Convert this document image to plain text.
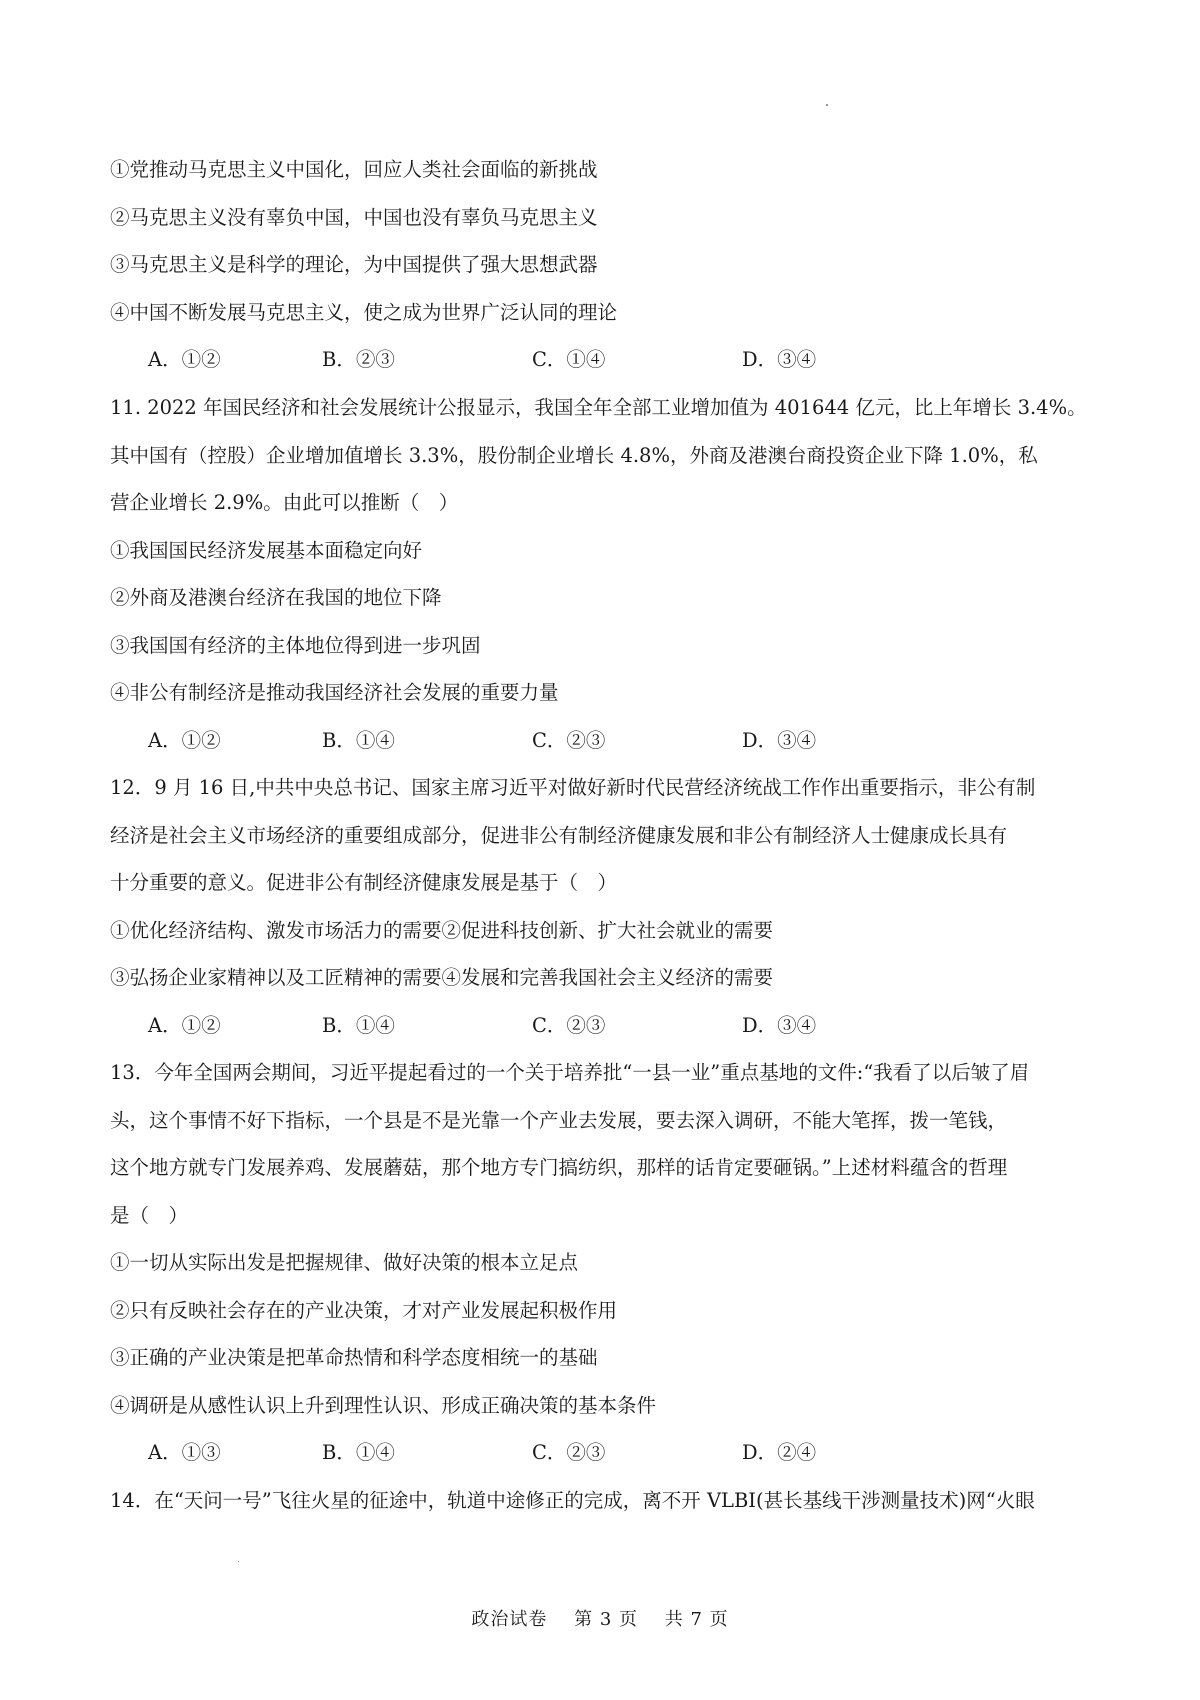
①党推动马克思主义中国化，回应人类社会面临的新挑战
②马克思主义没有辜负中国，中国也没有辜负马克思主义
③马克思主义是科学的理论，为中国提供了强大思想武器
④中国不断发展马克思主义，使之成为世界广泛认同的理论
A．①②	B．②③	C．①④	D．③④
11. 2022 年国民经济和社会发展统计公报显示，我国全年全部工业增加值为 401644 亿元，比上年增长 3.4%。
其中国有（控股）企业增加值增长 3.3%，股份制企业增长 4.8%，外商及港澳台商投资企业下降 1.0%，私
营企业增长 2.9%。由此可以推断（　）
①我国国民经济发展基本面稳定向好
②外商及港澳台经济在我国的地位下降
③我国国有经济的主体地位得到进一步巩固
④非公有制经济是推动我国经济社会发展的重要力量
A．①②	B．①④	C．②③	D．③④
12．9 月 16 日,中共中央总书记、国家主席习近平对做好新时代民营经济统战工作作出重要指示，非公有制
经济是社会主义市场经济的重要组成部分，促进非公有制经济健康发展和非公有制经济人士健康成长具有
十分重要的意义。促进非公有制经济健康发展是基于（　）
①优化经济结构、激发市场活力的需要②促进科技创新、扩大社会就业的需要
③弘扬企业家精神以及工匠精神的需要④发展和完善我国社会主义经济的需要
A．①②	B．①④	C．②③	D．③④
13．今年全国两会期间，习近平提起看过的一个关于培养批“一县一业”重点基地的文件:“我看了以后皱了眉
头，这个事情不好下指标，一个县是不是光靠一个产业去发展，要去深入调研，不能大笔挥，拨一笔钱，
这个地方就专门发展养鸡、发展蘑菇，那个地方专门搞纺织，那样的话肯定要砸锅。”上述材料蕴含的哲理
是（　）
①一切从实际出发是把握规律、做好决策的根本立足点
②只有反映社会存在的产业决策，才对产业发展起积极作用
③正确的产业决策是把革命热情和科学态度相统一的基础
④调研是从感性认识上升到理性认识、形成正确决策的基本条件
A．①③	B．①④	C．②③	D．②④
14．在“天问一号”飞往火星的征途中，轨道中途修正的完成，离不开 VLBI(甚长基线干涉测量技术)网“火眼
政治试卷 第 3 页 共 7 页
